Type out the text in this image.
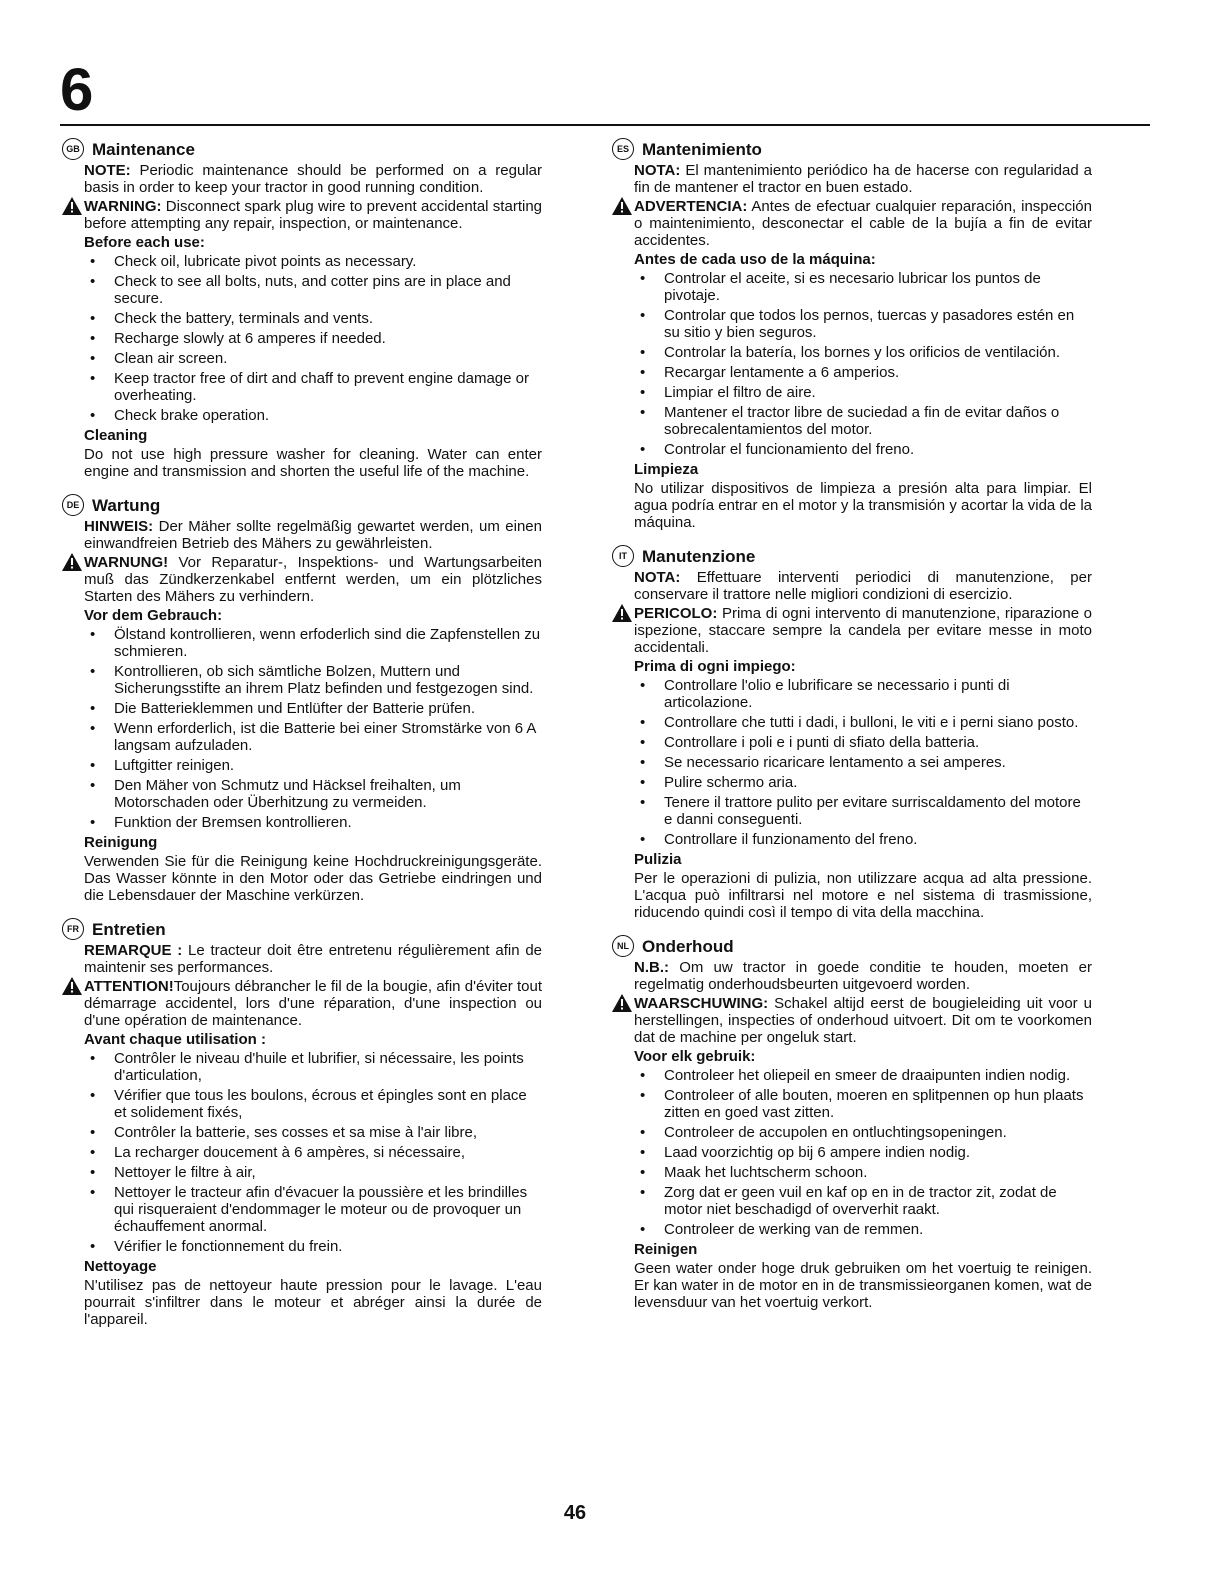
6
GB Maintenance

NOTE: Periodic maintenance should be performed on a regular basis in order to keep your tractor in good running condition.

WARNING: Disconnect spark plug wire to prevent accidental starting before attempting any repair, inspection, or maintenance.

Before each use:
• Check oil, lubricate pivot points as necessary.
• Check to see all bolts, nuts, and cotter pins are in place and secure.
• Check the battery, terminals and vents.
• Recharge slowly at 6 amperes if needed.
• Clean air screen.
• Keep tractor free of dirt and chaff to prevent engine damage or overheating.
• Check brake operation.
Cleaning

Do not use high pressure washer for cleaning. Water can enter engine and transmission and shorten the useful life of the machine.

DE Wartung

HINWEIS: Der Mäher sollte regelmäßig gewartet werden, um einen einwandfreien Betrieb des Mähers zu gewährleisten.

WARNUNG! Vor Reparatur-, Inspektions- und Wartungsarbeiten muß das Zündkerzenkabel entfernt werden, um ein plötzliches Starten des Mähers zu verhindern.

Vor dem Gebrauch:
• Ölstand kontrollieren, wenn erfoderlich sind die Zapfenstellen zu schmieren.
• Kontrollieren, ob sich sämtliche Bolzen, Muttern und Sicherungsstifte an ihrem Platz befinden und festgezogen sind.
• Die Batterieklemmen und Entlüfter der Batterie prüfen.
• Wenn erforderlich, ist die Batterie bei einer Stromstärke von 6 A langsam aufzuladen.
• Luftgitter reinigen.
• Den Mäher von Schmutz und Häcksel freihalten, um Motorschaden oder Überhitzung zu vermeiden.
• Funktion der Bremsen kontrollieren.
Reinigung

Verwenden Sie für die Reinigung keine Hochdruckreinigungsgeräte. Das Wasser könnte in den Motor oder das Getriebe eindringen und die Lebensdauer der Maschine verkürzen.

FR Entretien

REMARQUE : Le tracteur doit être entretenu régulièrement afin de maintenir ses performances.

ATTENTION!Toujours débrancher le fil de la bougie, afin d'éviter tout démarrage accidentel, lors d'une réparation, d'une inspection ou d'une opération de maintenance.

Avant chaque utilisation :
• Contrôler le niveau d'huile et lubrifier, si nécessaire, les points d'articulation,
• Vérifier que tous les boulons, écrous et épingles sont en place et solidement fixés,
• Contrôler la batterie, ses cosses et sa mise à l'air libre,
• La recharger doucement à 6 ampères, si nécessaire,
• Nettoyer le filtre à air,
• Nettoyer le tracteur afin d'évacuer la poussière et les brindilles qui risqueraient d'endommager le moteur ou de provoquer un échauffement anormal.
• Vérifier le fonctionnement du frein.
Nettoyage

N'utilisez pas de nettoyeur haute pression pour le lavage. L'eau pourrait s'infiltrer dans le moteur et abréger ainsi la durée de l'appareil.

ES Mantenimiento

NOTA: El mantenimiento periódico ha de hacerse con regularidad a fin de mantener el tractor en buen estado.

ADVERTENCIA: Antes de efectuar cualquier reparación, inspección o maintenimiento, desconectar el cable de la bujía a fin de evitar accidentes.

Antes de cada uso de la máquina:
• Controlar el aceite, si es necesario lubricar los puntos de pivotaje.
• Controlar que todos los pernos, tuercas y pasadores estén en su sitio y bien seguros.
• Controlar la batería, los bornes y los orificios de ventilación.
• Recargar lentamente a 6 amperios.
• Limpiar el filtro de aire.
• Mantener el tractor libre de suciedad a fin de evitar daños o sobrecalentamientos del motor.
• Controlar el funcionamiento del freno.
Limpieza

No utilizar dispositivos de limpieza a presión alta para limpiar. El agua podría entrar en el motor y la transmisión y acortar la vida de la máquina.

IT Manutenzione

NOTA: Effettuare interventi periodici di manutenzione, per conservare il trattore nelle migliori condizioni di esercizio.

PERICOLO: Prima di ogni intervento di manutenzione, riparazione o ispezione, staccare sempre la candela per evitare messe in moto accidentali.

Prima di ogni impiego:
• Controllare l'olio e lubrificare se necessario i punti di articolazione.
• Controllare che tutti i dadi, i bulloni, le viti e i perni siano posto.
• Controllare i poli e i punti di sfiato della batteria.
• Se necessario ricaricare lentamento a sei amperes.
• Pulire schermo aria.
• Tenere il trattore pulito per evitare surriscaldamento del motore e danni conseguenti.
• Controllare il funzionamento del freno.
Pulizia

Per le operazioni di pulizia, non utilizzare acqua ad alta pressione. L'acqua può infiltrarsi nel motore e nel sistema di trasmissione, riducendo quindi così il tempo di vita della macchina.

NL Onderhoud

N.B.: Om uw tractor in goede conditie te houden, moeten er regelmatig onderhoudsbeurten uitgevoerd worden.

WAARSCHUWING: Schakel altijd eerst de bougieleiding uit voor u herstellingen, inspecties of onderhoud uitvoert. Dit om te voorkomen dat de machine per ongeluk start.

Voor elk gebruik:
• Controleer het oliepeil en smeer de draaipunten indien nodig.
• Controleer of alle bouten, moeren en splitpennen op hun plaats zitten en goed vast zitten.
• Controleer de accupolen en ontluchtingsopeningen.
• Laad voorzichtig op bij 6 ampere indien nodig.
• Maak het luchtscherm schoon.
• Zorg dat er geen vuil en kaf op en in de tractor zit, zodat de motor niet beschadigd of oververhit raakt.
• Controleer de werking van de remmen.
Reinigen

Geen water onder hoge druk gebruiken om het voertuig te reinigen. Er kan water in de motor en in de transmissieorganen komen, wat de levensduur van het voertuig verkort.

46
